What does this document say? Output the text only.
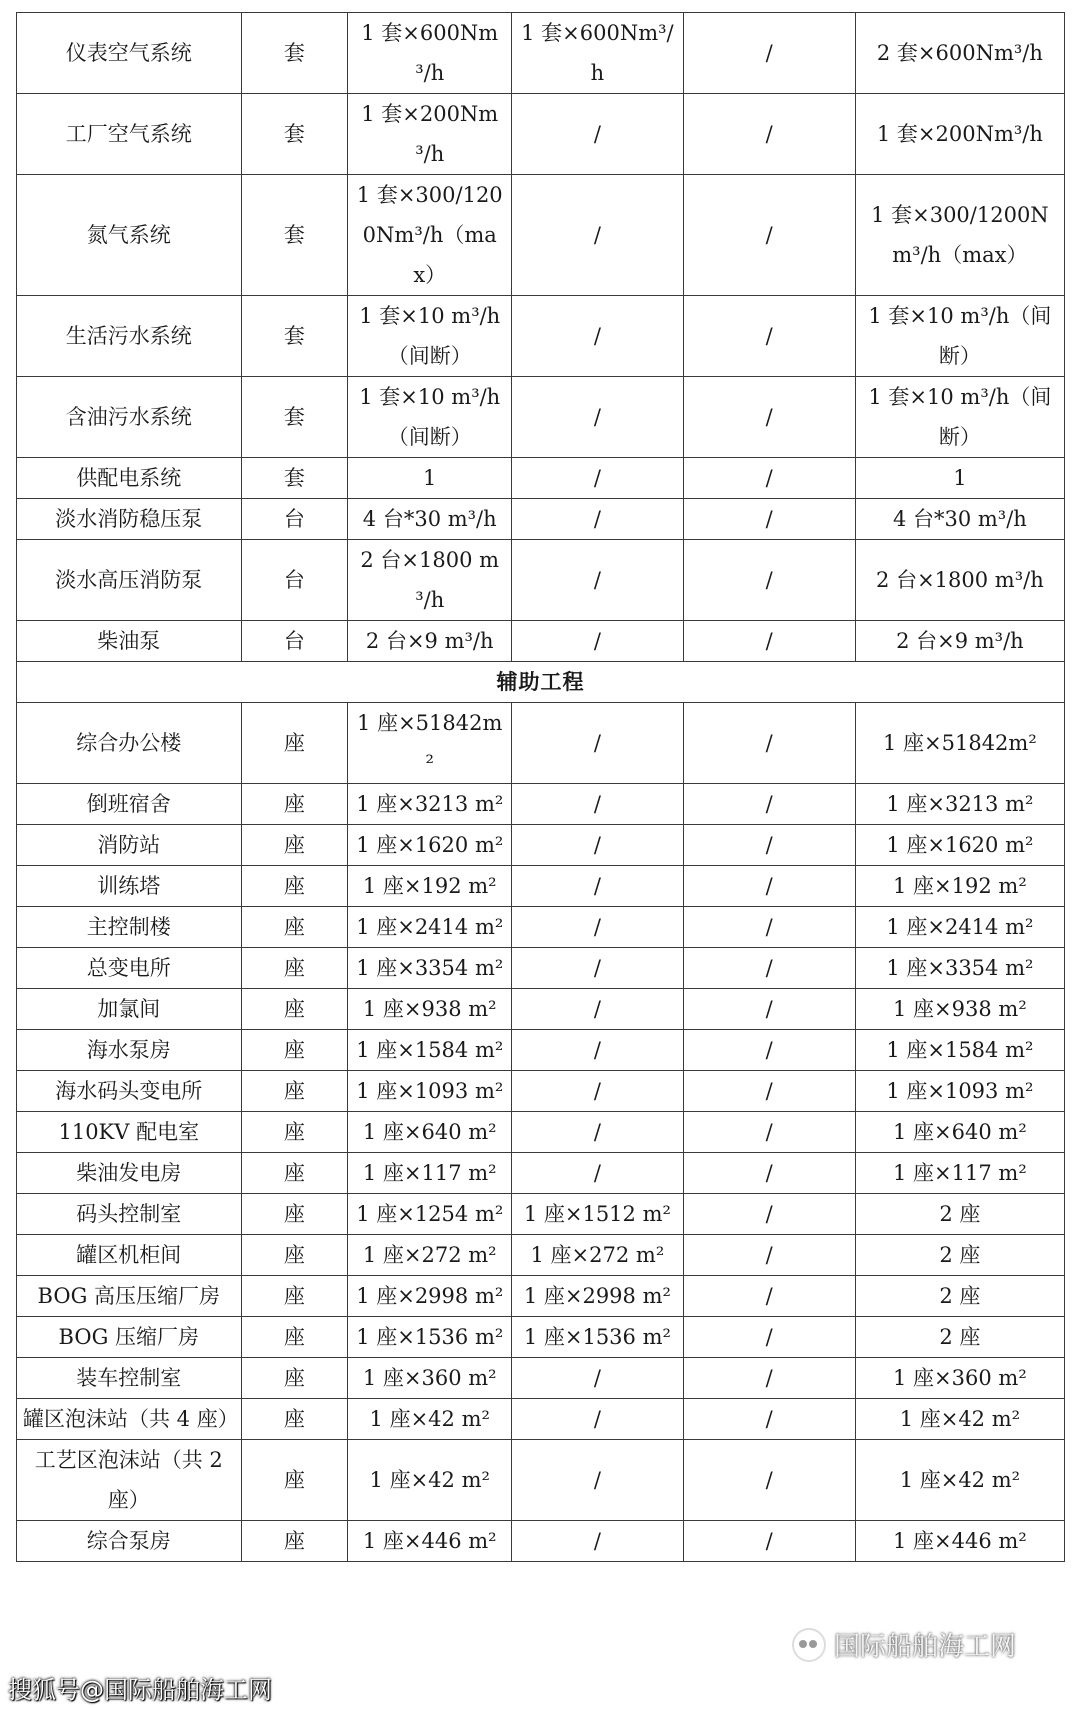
仪表空气系统	套	1 套×600Nm³/h	1 套×600Nm³/h	/	2 套×600Nm³/h
工厂空气系统	套	1 套×200Nm³/h	/	/	1 套×200Nm³/h
氮气系统	套	1 套×300/1200Nm³/h（max）	/	/	1 套×300/1200Nm³/h（max）
生活污水系统	套	1 套×10 m³/h（间断）	/	/	1 套×10 m³/h（间断）
含油污水系统	套	1 套×10 m³/h（间断）	/	/	1 套×10 m³/h（间断）
供配电系统	套	1	/	/	1
淡水消防稳压泵	台	4 台*30 m³/h	/	/	4 台*30 m³/h
淡水高压消防泵	台	2 台×1800 m³/h	/	/	2 台×1800 m³/h
柴油泵	台	2 台×9 m³/h	/	/	2 台×9 m³/h
辅助工程					
综合办公楼	座	1 座×51842m²	/	/	1 座×51842m²
倒班宿舍	座	1 座×3213 m²	/	/	1 座×3213 m²
消防站	座	1 座×1620 m²	/	/	1 座×1620 m²
训练塔	座	1 座×192 m²	/	/	1 座×192 m²
主控制楼	座	1 座×2414 m²	/	/	1 座×2414 m²
总变电所	座	1 座×3354 m²	/	/	1 座×3354 m²
加氯间	座	1 座×938 m²	/	/	1 座×938 m²
海水泵房	座	1 座×1584 m²	/	/	1 座×1584 m²
海水码头变电所	座	1 座×1093 m²	/	/	1 座×1093 m²
110KV 配电室	座	1 座×640 m²	/	/	1 座×640 m²
柴油发电房	座	1 座×117 m²	/	/	1 座×117 m²
码头控制室	座	1 座×1254 m²	1 座×1512 m²	/	2 座
罐区机柜间	座	1 座×272 m²	1 座×272 m²	/	2 座
BOG 高压压缩厂房	座	1 座×2998 m²	1 座×2998 m²	/	2 座
BOG 压缩厂房	座	1 座×1536 m²	1 座×1536 m²	/	2 座
装车控制室	座	1 座×360 m²	/	/	1 座×360 m²
罐区泡沫站（共 4 座）	座	1 座×42 m²	/	/	1 座×42 m²
工艺区泡沫站（共 2 座）	座	1 座×42 m²	/	/	1 座×42 m²
综合泵房	座	1 座×446 m²	/	/	1 座×446 m²
搜狐号@国际船舶海工网
国际船舶海工网
